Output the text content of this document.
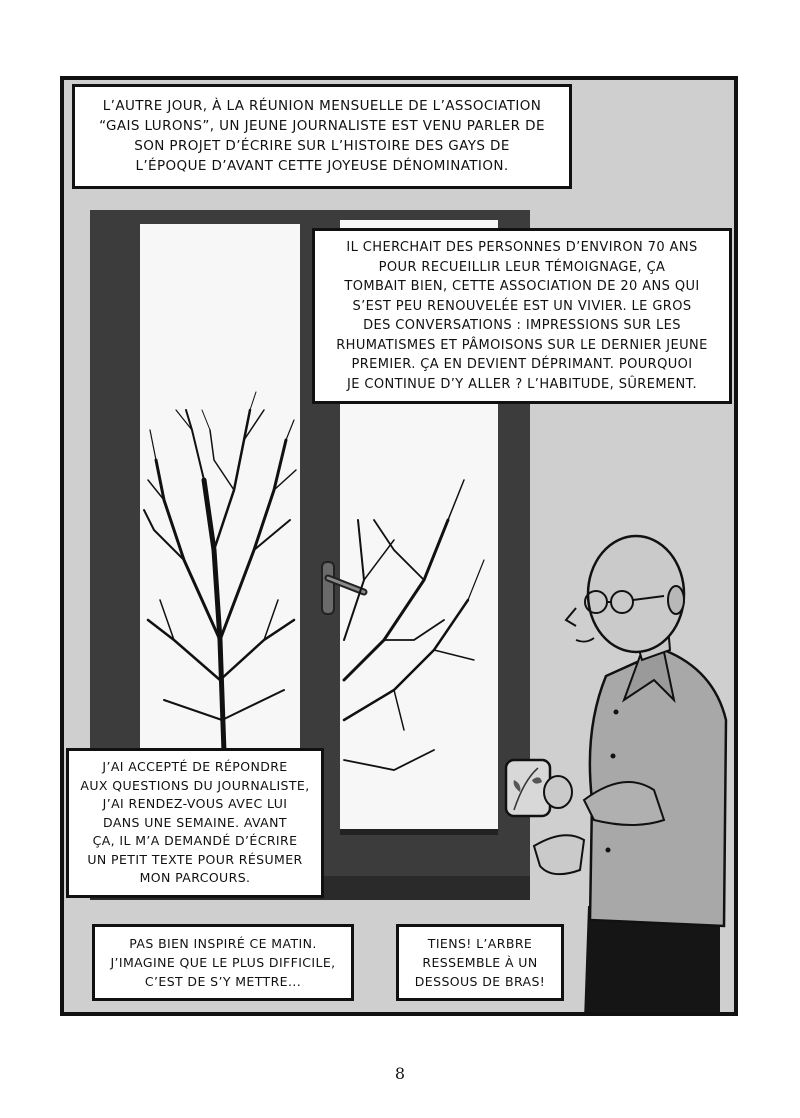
L’AUTRE JOUR, À LA RÉUNION MENSUELLE DE L’ASSOCIATION

“GAIS LURONS”, UN JEUNE JOURNALISTE EST VENU PARLER DE

SON PROJET D’ÉCRIRE SUR L’HISTOIRE DES GAYS DE

L’ÉPOQUE D’AVANT CETTE JOYEUSE DÉNOMINATION.

IL CHERCHAIT DES PERSONNES D’ENVIRON 70 ANS

POUR RECUEILLIR LEUR TÉMOIGNAGE, ÇA

TOMBAIT BIEN, CETTE ASSOCIATION DE 20 ANS QUI

S’EST PEU RENOUVELÉE EST UN VIVIER. LE GROS

DES CONVERSATIONS : IMPRESSIONS SUR LES

RHUMATISMES ET PÂMOISONS SUR LE DERNIER JEUNE

PREMIER. ÇA EN DEVIENT DÉPRIMANT. POURQUOI

JE CONTINUE D’Y ALLER ? L’HABITUDE, SÛREMENT.

J’AI ACCEPTÉ DE RÉPONDRE

AUX QUESTIONS DU JOURNALISTE,

J’AI RENDEZ-VOUS AVEC LUI

DANS UNE SEMAINE. AVANT

ÇA, IL M’A DEMANDÉ D’ÉCRIRE

UN PETIT TEXTE POUR RÉSUMER

MON PARCOURS.

PAS BIEN INSPIRÉ CE MATIN.

J’IMAGINE QUE LE PLUS DIFFICILE,

C’EST DE S’Y METTRE...

TIENS! L’ARBRE

RESSEMBLE À UN

DESSOUS DE BRAS!

8
